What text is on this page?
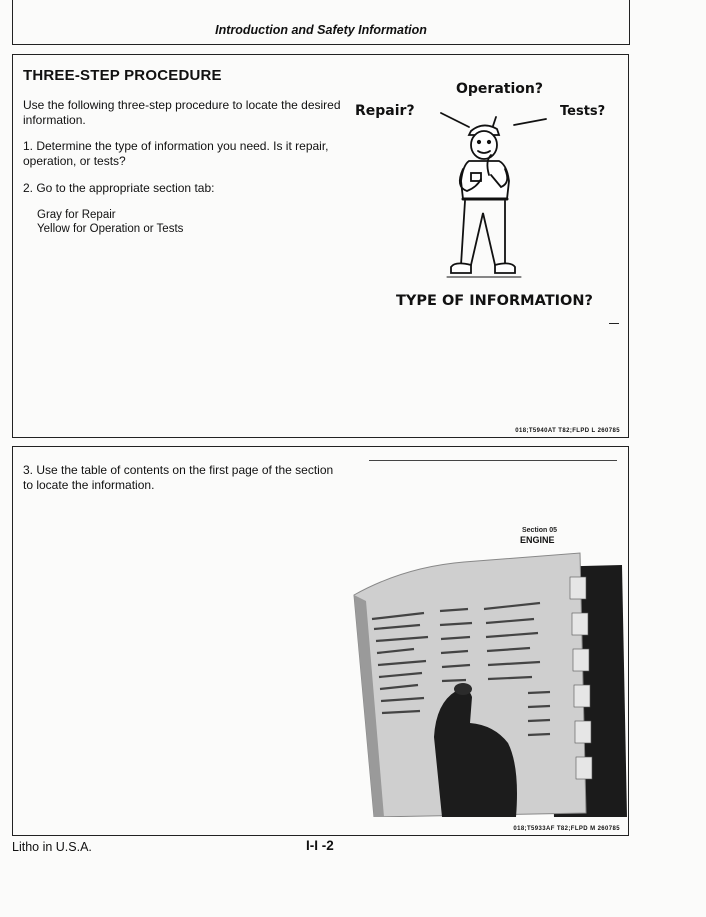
Introduction and Safety Information
THREE-STEP PROCEDURE
Use the following three-step procedure to locate the desired information.
1. Determine the type of information you need. Is it repair, operation, or tests?
2. Go to the appropriate section tab:
Gray for Repair
Yellow for Operation or Tests
Operation?
Repair?	Tests?
TYPE OF INFORMATION?
018;T5940AT T82;FLPD L 260785
3. Use the table of contents on the first page of the section to locate the information.
Section 05
ENGINE
018;T5933AF T82;FLPD M 260785
Litho in U.S.A.	I-I -2
